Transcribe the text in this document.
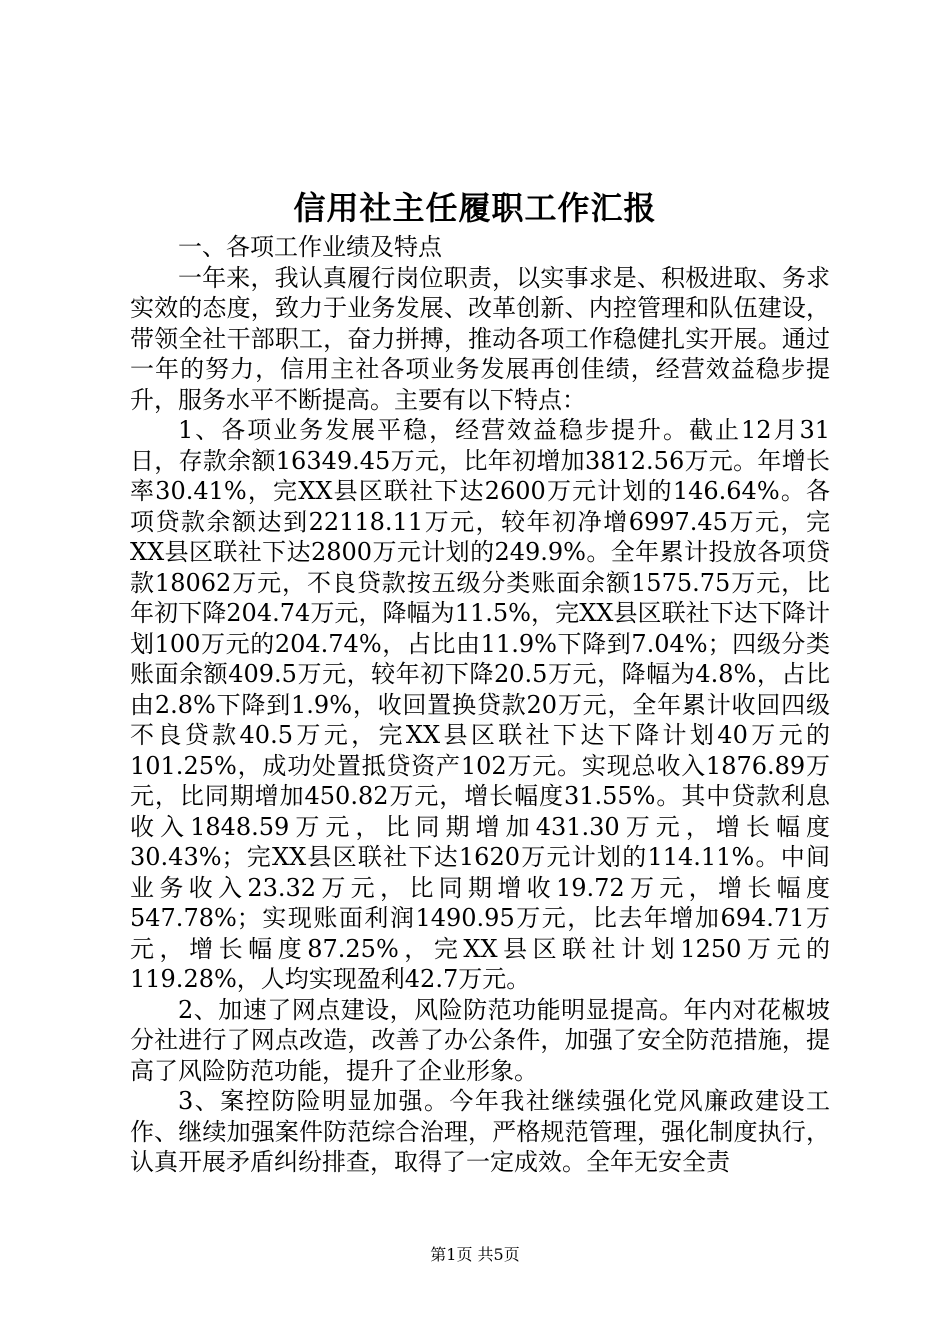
信用社主任履职工作汇报

一、各项工作业绩及特点

一年来，我认真履行岗位职责，以实事求是、积极进取、务求实效的态度，致力于业务发展、改革创新、内控管理和队伍建设，带领全社干部职工，奋力拼搏，推动各项工作稳健扎实开展。通过一年的努力，信用主社各项业务发展再创佳绩，经营效益稳步提升，服务水平不断提高。主要有以下特点：

1、各项业务发展平稳，经营效益稳步提升。截止12月31日，存款余额16349.45万元，比年初增加3812.56万元。年增长率30.41%，完XX县区联社下达2600万元计划的146.64%。各项贷款余额达到22118.11万元，较年初净增6997.45万元，完XX县区联社下达2800万元计划的249.9%。全年累计投放各项贷款18062万元，不良贷款按五级分类账面余额1575.75万元，比年初下降204.74万元，降幅为11.5%，完XX县区联社下达下降计划100万元的204.74%，占比由11.9%下降到7.04%；四级分类账面余额409.5万元，较年初下降20.5万元，降幅为4.8%，占比由2.8%下降到1.9%，收回置换贷款20万元，全年累计收回四级不良贷款40.5万元，完XX县区联社下达下降计划40万元的101.25%，成功处置抵贷资产102万元。实现总收入1876.89万元，比同期增加450.82万元，增长幅度31.55%。其中贷款利息收入1848.59万元，比同期增加431.30万元，增长幅度30.43%；完XX县区联社下达1620万元计划的114.11%。中间业务收入23.32万元，比同期增收19.72万元，增长幅度547.78%；实现账面利润1490.95万元，比去年增加694.71万元，增长幅度87.25%，完XX县区联社计划1250万元的119.28%，人均实现盈利42.7万元。

2、加速了网点建设，风险防范功能明显提高。年内对花椒坡分社进行了网点改造，改善了办公条件，加强了安全防范措施，提高了风险防范功能，提升了企业形象。

3、案控防险明显加强。今年我社继续强化党风廉政建设工作、继续加强案件防范综合治理，严格规范管理，强化制度执行，认真开展矛盾纠纷排查，取得了一定成效。全年无安全责

第1页 共5页
